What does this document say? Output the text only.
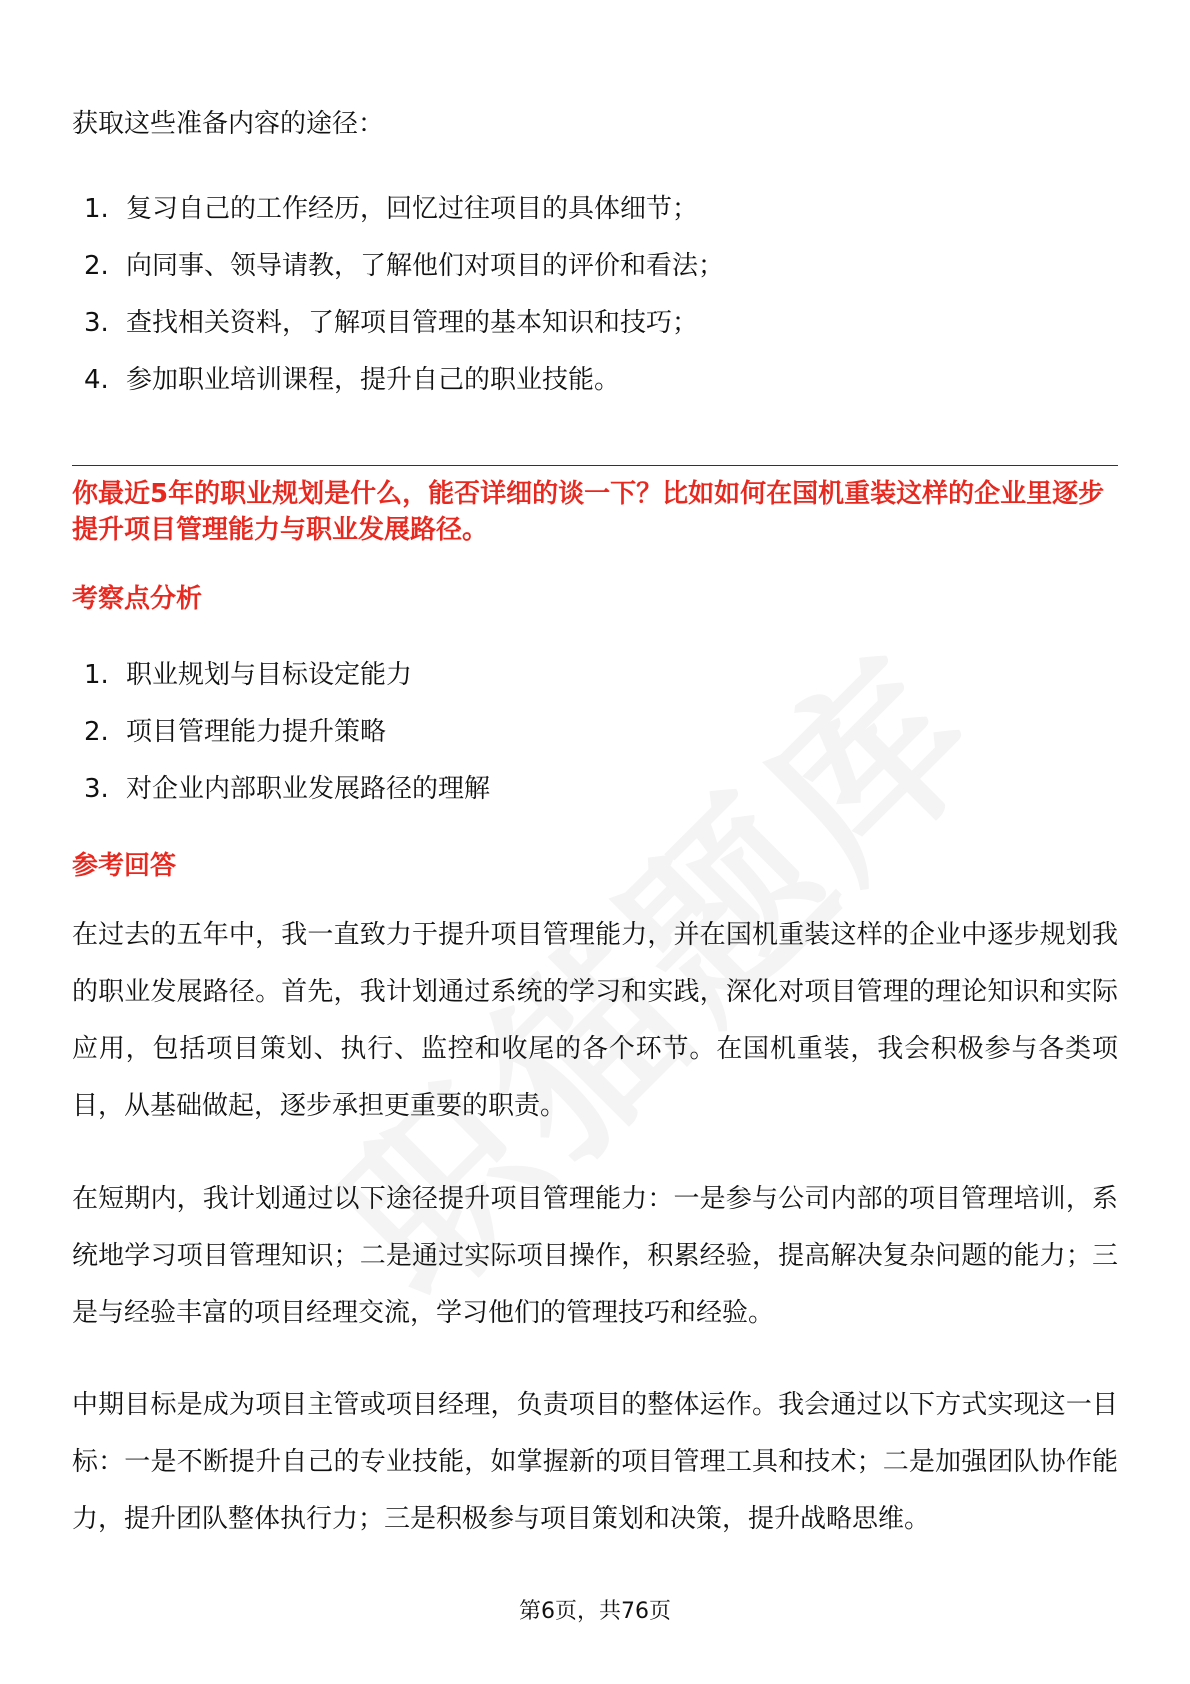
获取这些准备内容的途径：
1. 复习自己的工作经历，回忆过往项目的具体细节；
2. 向同事、领导请教，了解他们对项目的评价和看法；
3. 查找相关资料，了解项目管理的基本知识和技巧；
4. 参加职业培训课程，提升自己的职业技能。
你最近5年的职业规划是什么，能否详细的谈一下？比如如何在国机重装这样的企业里逐步提升项目管理能力与职业发展路径。
考察点分析
1. 职业规划与目标设定能力
2. 项目管理能力提升策略
3. 对企业内部职业发展路径的理解
参考回答

在过去的五年中，我一直致力于提升项目管理能力，并在国机重装这样的企业中逐步规划我的职业发展路径。首先，我计划通过系统的学习和实践，深化对项目管理的理论知识和实际应用，包括项目策划、执行、监控和收尾的各个环节。在国机重装，我会积极参与各类项目，从基础做起，逐步承担更重要的职责。

在短期内，我计划通过以下途径提升项目管理能力：一是参与公司内部的项目管理培训，系统地学习项目管理知识；二是通过实际项目操作，积累经验，提高解决复杂问题的能力；三是与经验丰富的项目经理交流，学习他们的管理技巧和经验。

中期目标是成为项目主管或项目经理，负责项目的整体运作。我会通过以下方式实现这一目标：一是不断提升自己的专业技能，如掌握新的项目管理工具和技术；二是加强团队协作能力，提升团队整体执行力；三是积极参与项目策划和决策，提升战略思维。

第6页，共76页
